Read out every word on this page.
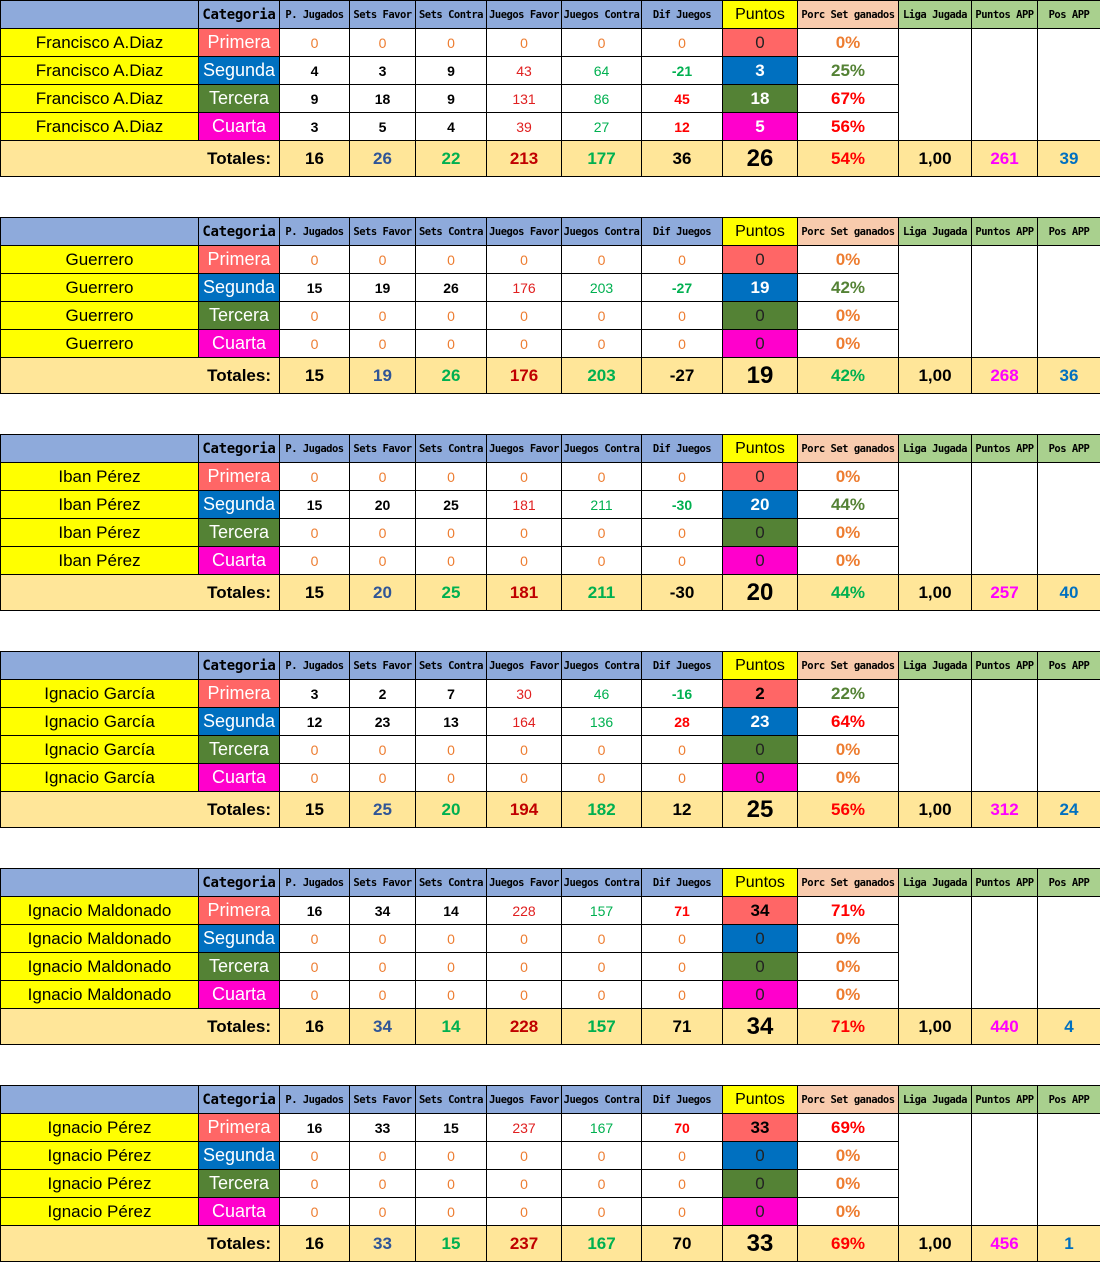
	Categoria	P. Jugados	Sets Favor	Sets Contra	Juegos Favor	Juegos Contra	Dif Juegos	Puntos	Porc Set ganados	Liga Jugada	Puntos APP	Pos APP
Francisco A.Diaz	Primera	0	0	0	0	0	0	0	0%			
Francisco A.Diaz	Segunda	4	3	9	43	64	-21	3	25%			
Francisco A.Diaz	Tercera	9	18	9	131	86	45	18	67%			
Francisco A.Diaz	Cuarta	3	5	4	39	27	12	5	56%			
Totales:		16	26	22	213	177	36	26	54%	1,00	261	39
	Categoria	P. Jugados	Sets Favor	Sets Contra	Juegos Favor	Juegos Contra	Dif Juegos	Puntos	Porc Set ganados	Liga Jugada	Puntos APP	Pos APP
Guerrero	Primera	0	0	0	0	0	0	0	0%			
Guerrero	Segunda	15	19	26	176	203	-27	19	42%			
Guerrero	Tercera	0	0	0	0	0	0	0	0%			
Guerrero	Cuarta	0	0	0	0	0	0	0	0%			
Totales:		15	19	26	176	203	-27	19	42%	1,00	268	36
	Categoria	P. Jugados	Sets Favor	Sets Contra	Juegos Favor	Juegos Contra	Dif Juegos	Puntos	Porc Set ganados	Liga Jugada	Puntos APP	Pos APP
Iban Pérez	Primera	0	0	0	0	0	0	0	0%			
Iban Pérez	Segunda	15	20	25	181	211	-30	20	44%			
Iban Pérez	Tercera	0	0	0	0	0	0	0	0%			
Iban Pérez	Cuarta	0	0	0	0	0	0	0	0%			
Totales:		15	20	25	181	211	-30	20	44%	1,00	257	40
	Categoria	P. Jugados	Sets Favor	Sets Contra	Juegos Favor	Juegos Contra	Dif Juegos	Puntos	Porc Set ganados	Liga Jugada	Puntos APP	Pos APP
Ignacio García	Primera	3	2	7	30	46	-16	2	22%			
Ignacio García	Segunda	12	23	13	164	136	28	23	64%			
Ignacio García	Tercera	0	0	0	0	0	0	0	0%			
Ignacio García	Cuarta	0	0	0	0	0	0	0	0%			
Totales:		15	25	20	194	182	12	25	56%	1,00	312	24
	Categoria	P. Jugados	Sets Favor	Sets Contra	Juegos Favor	Juegos Contra	Dif Juegos	Puntos	Porc Set ganados	Liga Jugada	Puntos APP	Pos APP
Ignacio Maldonado	Primera	16	34	14	228	157	71	34	71%			
Ignacio Maldonado	Segunda	0	0	0	0	0	0	0	0%			
Ignacio Maldonado	Tercera	0	0	0	0	0	0	0	0%			
Ignacio Maldonado	Cuarta	0	0	0	0	0	0	0	0%			
Totales:		16	34	14	228	157	71	34	71%	1,00	440	4
	Categoria	P. Jugados	Sets Favor	Sets Contra	Juegos Favor	Juegos Contra	Dif Juegos	Puntos	Porc Set ganados	Liga Jugada	Puntos APP	Pos APP
Ignacio Pérez	Primera	16	33	15	237	167	70	33	69%			
Ignacio Pérez	Segunda	0	0	0	0	0	0	0	0%			
Ignacio Pérez	Tercera	0	0	0	0	0	0	0	0%			
Ignacio Pérez	Cuarta	0	0	0	0	0	0	0	0%			
Totales:		16	33	15	237	167	70	33	69%	1,00	456	1
